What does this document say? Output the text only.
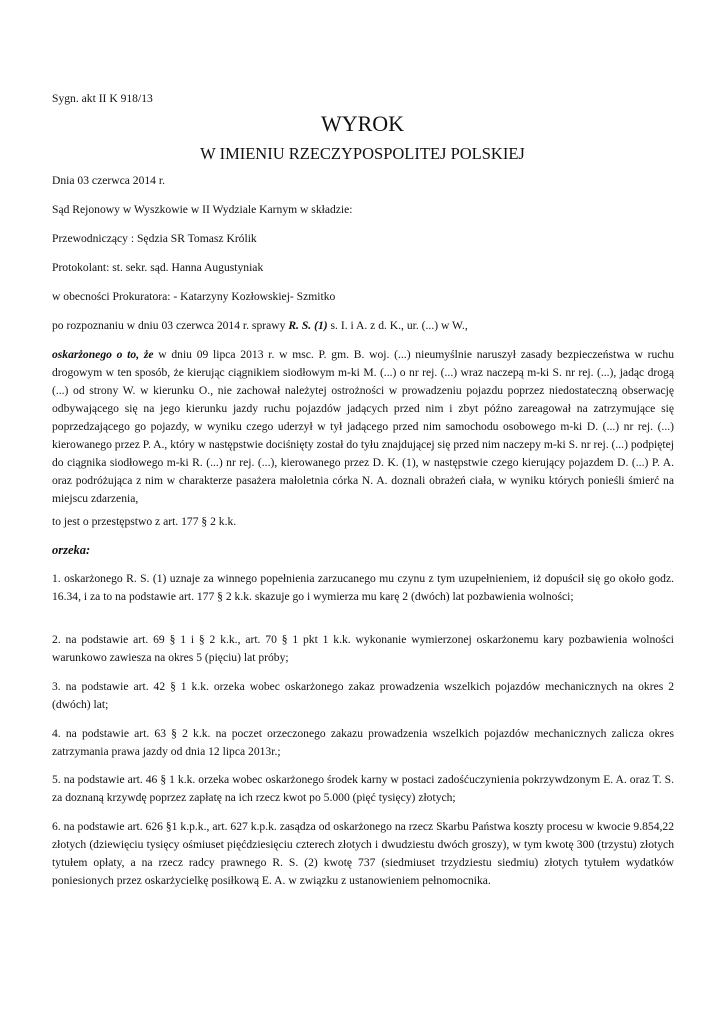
Sygn. akt II K 918/13

WYROK
W IMIENIU RZECZYPOSPOLITEJ POLSKIEJ

Dnia 03 czerwca 2014 r.

Sąd Rejonowy w Wyszkowie w II Wydziale Karnym w składzie:

Przewodniczący : Sędzia SR Tomasz Królik

Protokolant: st. sekr. sąd. Hanna Augustyniak

w obecności Prokuratora: - Katarzyny Kozłowskiej- Szmitko

po rozpoznaniu w dniu 03 czerwca 2014 r. sprawy R. S. (1) s. I. i A. z d. K., ur. (...) w W.,

oskarżonego o to, że w dniu 09 lipca 2013 r. w msc. P. gm. B. woj. (...) nieumyślnie naruszył zasady bezpieczeństwa w ruchu drogowym w ten sposób, że kierując ciągnikiem siodłowym m-ki M. (...) o nr rej. (...) wraz naczepą m-ki S. nr rej. (...), jadąc drogą (...) od strony W. w kierunku O., nie zachował należytej ostrożności w prowadzeniu pojazdu poprzez niedostateczną obserwację odbywającego się na jego kierunku jazdy ruchu pojazdów jadących przed nim i zbyt późno zareagował na zatrzymujące się poprzedzającego go pojazdy, w wyniku czego uderzył w tył jadącego przed nim samochodu osobowego m-ki D. (...) nr rej. (...) kierowanego przez P. A., który w następstwie dociśnięty został do tyłu znajdującej się przed nim naczepy m-ki S. nr rej. (...) podpiętej do ciągnika siodłowego m-ki R. (...) nr rej. (...), kierowanego przez D. K. (1), w następstwie czego kierujący pojazdem D. (...) P. A. oraz podróżująca z nim w charakterze pasażera małoletnia córka N. A. doznali obrażeń ciała, w wyniku których ponieśli śmierć na miejscu zdarzenia,

to jest o przestępstwo z art. 177 § 2 k.k.

orzeka:

1. oskarżonego R. S. (1) uznaje za winnego popełnienia zarzucanego mu czynu z tym uzupełnieniem, iż dopuścił się go około godz. 16.34, i za to na podstawie art. 177 § 2 k.k. skazuje go i wymierza mu karę 2 (dwóch) lat pozbawienia wolności;

2. na podstawie art. 69 § 1 i § 2 k.k., art. 70 § 1 pkt 1 k.k. wykonanie wymierzonej oskarżonemu kary pozbawienia wolności warunkowo zawiesza na okres 5 (pięciu) lat próby;

3. na podstawie art. 42 § 1 k.k. orzeka wobec oskarżonego zakaz prowadzenia wszelkich pojazdów mechanicznych na okres 2 (dwóch) lat;

4. na podstawie art. 63 § 2 k.k. na poczet orzeczonego zakazu prowadzenia wszelkich pojazdów mechanicznych zalicza okres zatrzymania prawa jazdy od dnia 12 lipca 2013r.;

5. na podstawie art. 46 § 1 k.k. orzeka wobec oskarżonego środek karny w postaci zadośćuczynienia pokrzywdzonym E. A. oraz T. S. za doznaną krzywdę poprzez zapłatę na ich rzecz kwot po 5.000 (pięć tysięcy) złotych;

6. na podstawie art. 626 §1 k.p.k., art. 627 k.p.k. zasądza od oskarżonego na rzecz Skarbu Państwa koszty procesu w kwocie 9.854,22 złotych (dziewięciu tysięcy ośmiuset pięćdziesięciu czterech złotych i dwudziestu dwóch groszy), w tym kwotę 300 (trzystu) złotych tytułem opłaty, a na rzecz radcy prawnego R. S. (2) kwotę 737 (siedmiuset trzydziestu siedmiu) złotych tytułem wydatków poniesionych przez oskarżycielkę posiłkową E. A. w związku z ustanowieniem pełnomocnika.
